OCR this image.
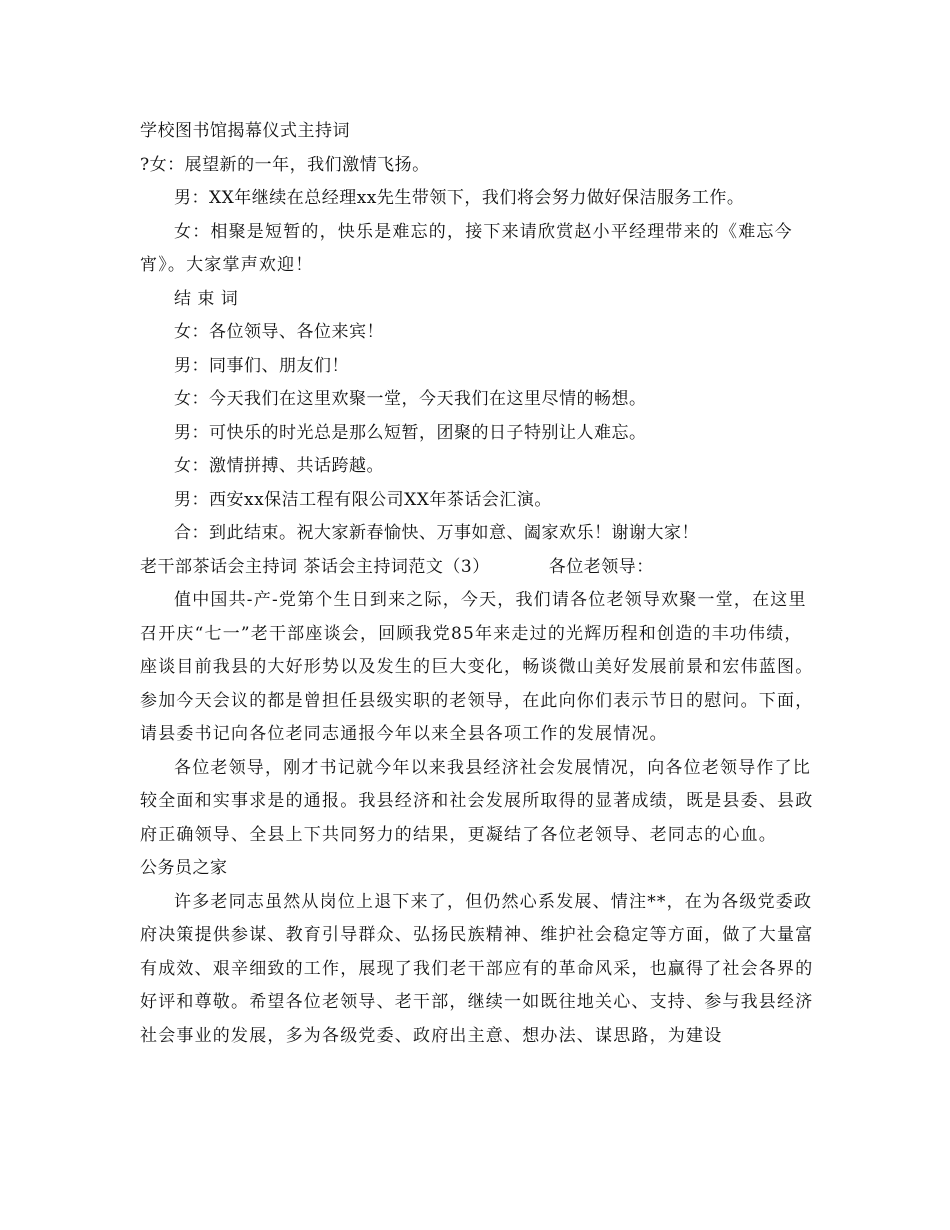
学校图书馆揭幕仪式主持词
?女：展望新的一年，我们激情飞扬。
男：XX年继续在总经理xx先生带领下，我们将会努力做好保洁服务工作。
女：相聚是短暂的，快乐是难忘的，接下来请欣赏赵小平经理带来的《难忘今宵》。大家掌声欢迎！
结 束 词
女：各位领导、各位来宾！
男：同事们、朋友们！
女：今天我们在这里欢聚一堂，今天我们在这里尽情的畅想。
男：可快乐的时光总是那么短暂，团聚的日子特别让人难忘。
女：激情拼搏、共话跨越。
男：西安xx保洁工程有限公司XX年茶话会汇演。
合：到此结束。祝大家新春愉快、万事如意、阖家欢乐！谢谢大家！
老干部茶话会主持词 茶话会主持词范文（3）          各位老领导：
值中国共-产-党第个生日到来之际，今天，我们请各位老领导欢聚一堂，在这里召开庆“七一”老干部座谈会，回顾我党85年来走过的光辉历程和创造的丰功伟绩，座谈目前我县的大好形势以及发生的巨大变化，畅谈微山美好发展前景和宏伟蓝图。参加今天会议的都是曾担任县级实职的老领导，在此向你们表示节日的慰问。下面，请县委书记向各位老同志通报今年以来全县各项工作的发展情况。
各位老领导，刚才书记就今年以来我县经济社会发展情况，向各位老领导作了比较全面和实事求是的通报。我县经济和社会发展所取得的显著成绩，既是县委、县政府正确领导、全县上下共同努力的结果，更凝结了各位老领导、老同志的心血。
公务员之家
许多老同志虽然从岗位上退下来了，但仍然心系发展、情注**，在为各级党委政府决策提供参谋、教育引导群众、弘扬民族精神、维护社会稳定等方面，做了大量富有成效、艰辛细致的工作，展现了我们老干部应有的革命风采，也赢得了社会各界的好评和尊敬。希望各位老领导、老干部，继续一如既往地关心、支持、参与我县经济社会事业的发展，多为各级党委、政府出主意、想办法、谋思路，为建设
